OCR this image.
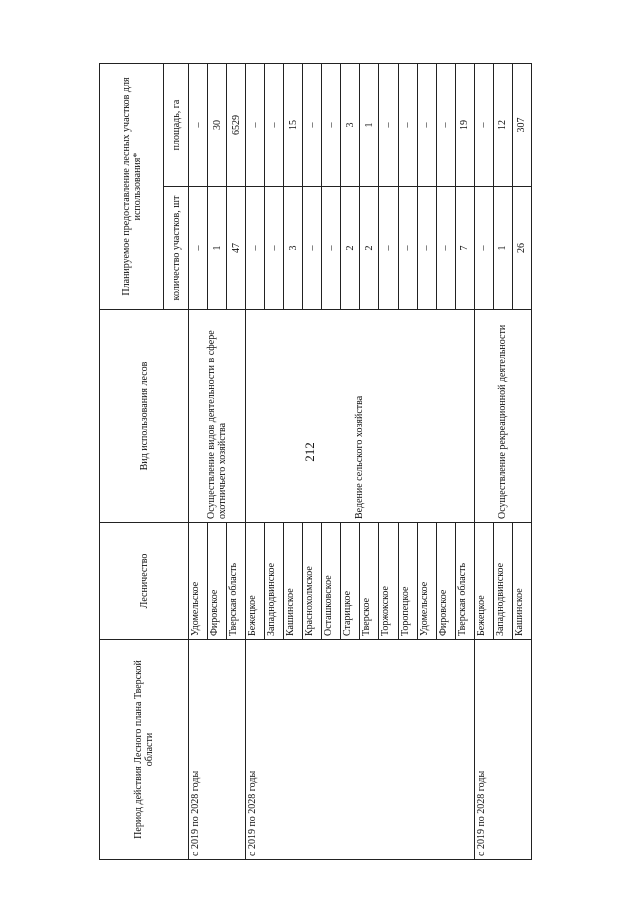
212
Период действия Лесного плана Тверской области	Лесничество	Вид использования лесов	Планируемое предоставление лесных участков для использования*	
			количество участков, шт	площадь, га
с 2019 по 2028 годы	Удомельское	Осуществление видов деятельности в сфере охотничьего хозяйства	–	–
	Фировское		1	30
	Тверская область		47	6529
с 2019 по 2028 годы	Бежецкое	Ведение сельского хозяйства	–	–
	Западнодвинское		–	–
	Кашинское		3	15
	Краснохолмское		–	–
	Осташковское		–	–
	Старицкое		2	3
	Тверское		2	1
	Торжокское		–	–
	Торопецкое		–	–
	Удомельское		–	–
	Фировское		–	–
	Тверская область		7	19
с 2019 по 2028 годы	Бежецкое	Осуществление рекреационной деятельности	–	–
	Западнодвинское		1	12
	Кашинское		26	307
